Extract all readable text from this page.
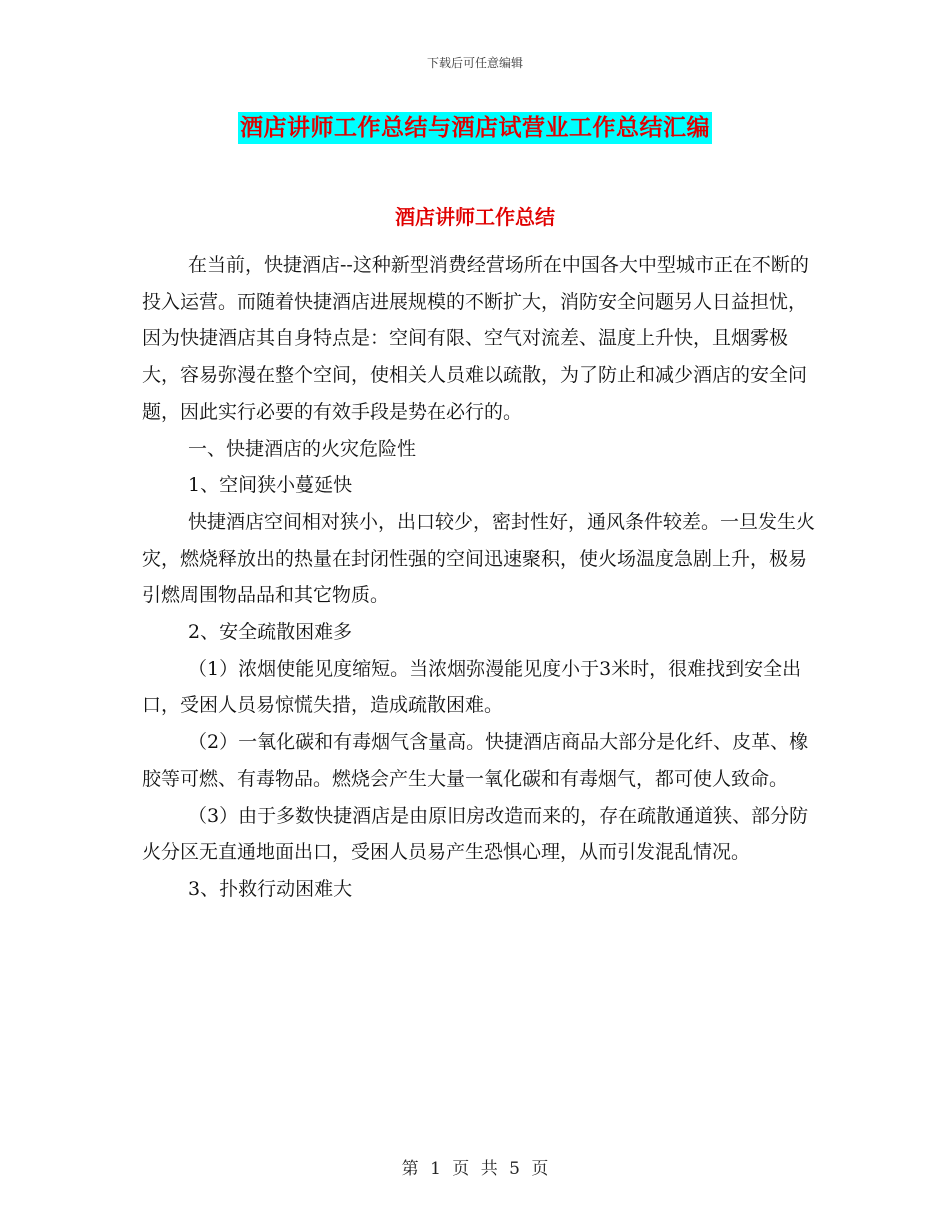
下载后可任意编辑
酒店讲师工作总结与酒店试营业工作总结汇编
酒店讲师工作总结

在当前，快捷酒店--这种新型消费经营场所在中国各大中型城市正在不断的投入运营。而随着快捷酒店进展规模的不断扩大，消防安全问题另人日益担忧，因为快捷酒店其自身特点是：空间有限、空气对流差、温度上升快，且烟雾极大，容易弥漫在整个空间，使相关人员难以疏散，为了防止和减少酒店的安全问题，因此实行必要的有效手段是势在必行的。

一、快捷酒店的火灾危险性

1、空间狭小蔓延快

快捷酒店空间相对狭小，出口较少，密封性好，通风条件较差。一旦发生火灾，燃烧释放出的热量在封闭性强的空间迅速聚积，使火场温度急剧上升，极易引燃周围物品品和其它物质。

2、安全疏散困难多

（1）浓烟使能见度缩短。当浓烟弥漫能见度小于3米时，很难找到安全出口，受困人员易惊慌失措，造成疏散困难。

（2）一氧化碳和有毒烟气含量高。快捷酒店商品大部分是化纤、皮革、橡胶等可燃、有毒物品。燃烧会产生大量一氧化碳和有毒烟气，都可使人致命。

（3）由于多数快捷酒店是由原旧房改造而来的，存在疏散通道狭、部分防火分区无直通地面出口，受困人员易产生恐惧心理，从而引发混乱情况。

3、扑救行动困难大

第 1 页 共 5 页
